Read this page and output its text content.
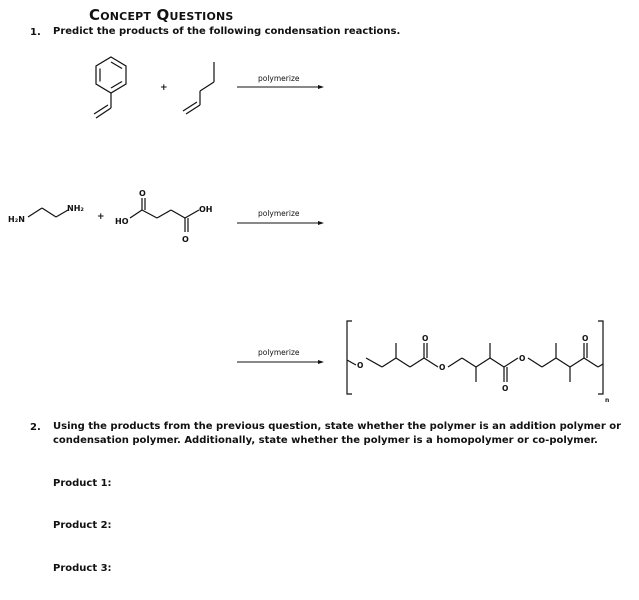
Concept Questions
1. Predict the products of the following condensation reactions.
+
polymerize
H₂N
NH₂
+ HO
O
O
OH	polymerize
polymerize
O
O
O
O
O
O
n
2. Using the products from the previous question, state whether the polymer is an addition polymer or
condensation polymer. Additionally, state whether the polymer is a homopolymer or co-polymer.
Product 1:
Product 2:
Product 3:
